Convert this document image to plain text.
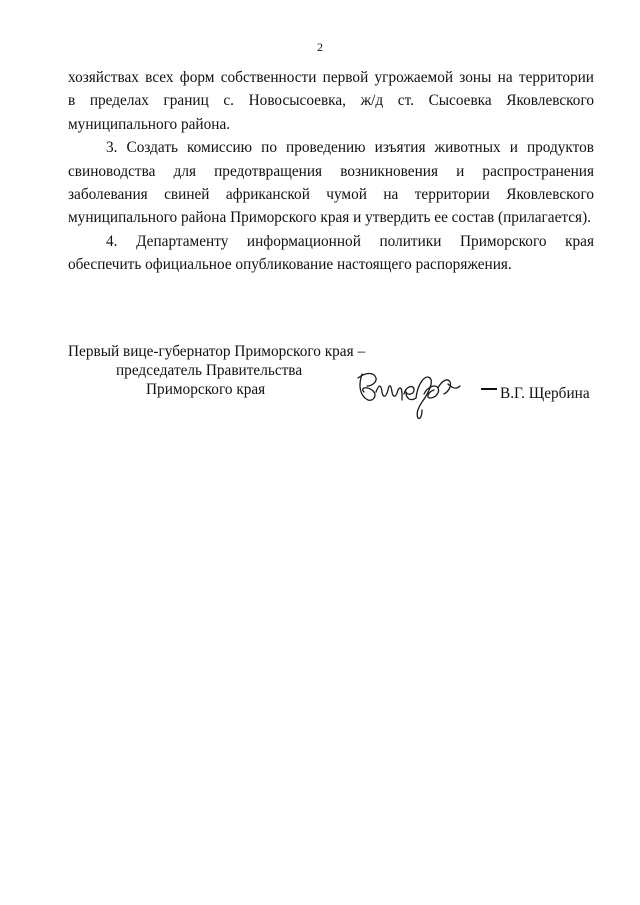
2

хозяйствах всех форм собственности первой угрожаемой зоны на территории

в пределах границ с. Новосысоевка, ж/д ст. Сысоевка Яковлевского

муниципального района.

3. Создать комиссию по проведению изъятия животных и продуктов

свиноводства для предотвращения возникновения и распространения

заболевания свиней африканской чумой на территории Яковлевского

муниципального района Приморского края и утвердить ее состав (прилагается).

4. Департаменту информационной политики Приморского края

обеспечить официальное опубликование настоящего распоряжения.

Первый вице-губернатор Приморского края –
председатель Правительства
Приморского края	В.Г. Щербина
